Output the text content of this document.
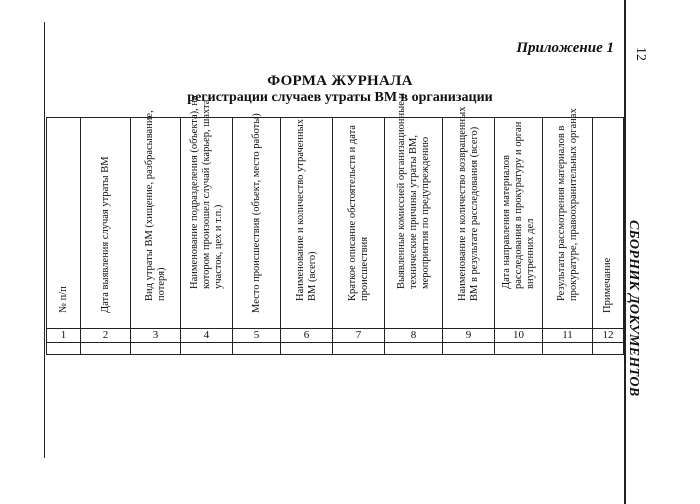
Приложение 1 12
СБОРНИК ДОКУМЕНТОВ
ФОРМА ЖУРНАЛА
регистрации случаев утраты ВМ в организации
№ п/п	Дата выявления случая утраты ВМ	Вид утраты ВМ (хищение, разбрасывание, потеря)	Наименование подразделения (объекта), на котором произошел случай (карьер, шахта, участок, цех и т.п.)	Место происшествия (объект, место работы)	Наименование и количество утраченных ВМ (всего)	Краткое описание обстоятельств и дата происшествия	Выявленные комиссией организационные и технические причины утраты ВМ, мероприятия по предупреждению	Наименование и количество возвращенных ВМ в результате расследования (всего)	Дата направления материалов расследования в прокуратуру и орган внутренних дел	Результаты рассмотрения материалов в прокуратуре, правоохранительных органах	Примечание

1	2	3	4	5	6	7	8	9	10	11	12
